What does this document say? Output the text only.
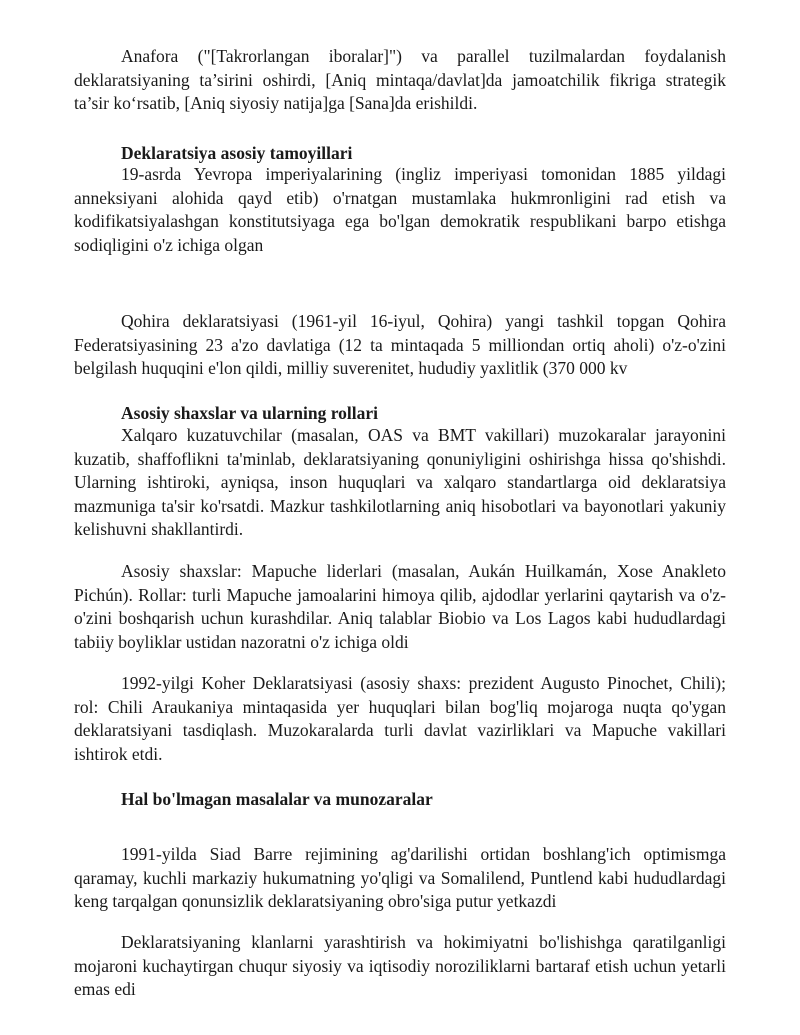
Anafora ("[Takrorlangan iboralar]") va parallel tuzilmalardan foydalanish deklaratsiyaning ta’sirini oshirdi, [Aniq mintaqa/davlat]da jamoatchilik fikriga strategik ta’sir ko‘rsatib, [Aniq siyosiy natija]ga [Sana]da erishildi.

Deklaratsiya asosiy tamoyillari

19-asrda Yevropa imperiyalarining (ingliz imperiyasi tomonidan 1885 yildagi anneksiyani alohida qayd etib) o'rnatgan mustamlaka hukmronligini rad etish va kodifikatsiyalashgan konstitutsiyaga ega bo'lgan demokratik respublikani barpo etishga sodiqligini o'z ichiga olgan

Qohira deklaratsiyasi (1961-yil 16-iyul, Qohira) yangi tashkil topgan Qohira Federatsiyasining 23 a'zo davlatiga (12 ta mintaqada 5 milliondan ortiq aholi) o'z-o'zini belgilash huquqini e'lon qildi, milliy suverenitet, hududiy yaxlitlik (370 000 kv

Asosiy shaxslar va ularning rollari

Xalqaro kuzatuvchilar (masalan, OAS va BMT vakillari) muzokaralar jarayonini kuzatib, shaffoflikni ta'minlab, deklaratsiyaning qonuniyligini oshirishga hissa qo'shishdi. Ularning ishtiroki, ayniqsa, inson huquqlari va xalqaro standartlarga oid deklaratsiya mazmuniga ta'sir ko'rsatdi. Mazkur tashkilotlarning aniq hisobotlari va bayonotlari yakuniy kelishuvni shakllantirdi.

Asosiy shaxslar: Mapuche liderlari (masalan, Aukán Huilkamán, Xose Anakleto Pichún). Rollar: turli Mapuche jamoalarini himoya qilib, ajdodlar yerlarini qaytarish va o'z-o'zini boshqarish uchun kurashdilar. Aniq talablar Biobio va Los Lagos kabi hududlardagi tabiiy boyliklar ustidan nazoratni o'z ichiga oldi

1992-yilgi Koher Deklaratsiyasi (asosiy shaxs: prezident Augusto Pinochet, Chili); rol: Chili Araukaniya mintaqasida yer huquqlari bilan bog'liq mojaroga nuqta qo'ygan deklaratsiyani tasdiqlash. Muzokaralarda turli davlat vazirliklari va Mapuche vakillari ishtirok etdi.

Hal bo'lmagan masalalar va munozaralar

1991-yilda Siad Barre rejimining ag'darilishi ortidan boshlang'ich optimismga qaramay, kuchli markaziy hukumatning yo'qligi va Somalilend, Puntlend kabi hududlardagi keng tarqalgan qonunsizlik deklaratsiyaning obro'siga putur yetkazdi

Deklaratsiyaning klanlarni yarashtirish va hokimiyatni bo'lishishga qaratilganligi mojaroni kuchaytirgan chuqur siyosiy va iqtisodiy noroziliklarni bartaraf etish uchun yetarli emas edi
